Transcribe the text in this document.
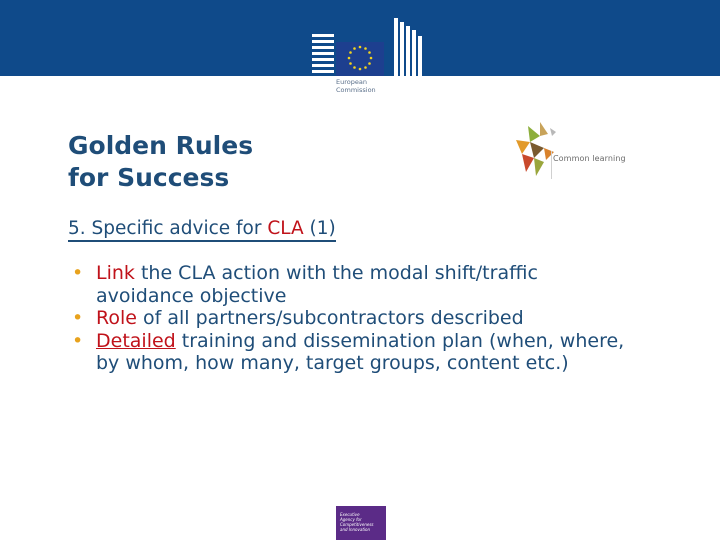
European
Commission
Golden Rules
for Success
Common learning
5. Specific advice for CLA (1)
• Link the CLA action with the modal shift/traffic avoidance objective
• Role of all partners/subcontractors described
• Detailed training and dissemination plan (when, where, by whom, how many, target groups, content etc.)
Executive
Agency for
Competitiveness
and Innovation
